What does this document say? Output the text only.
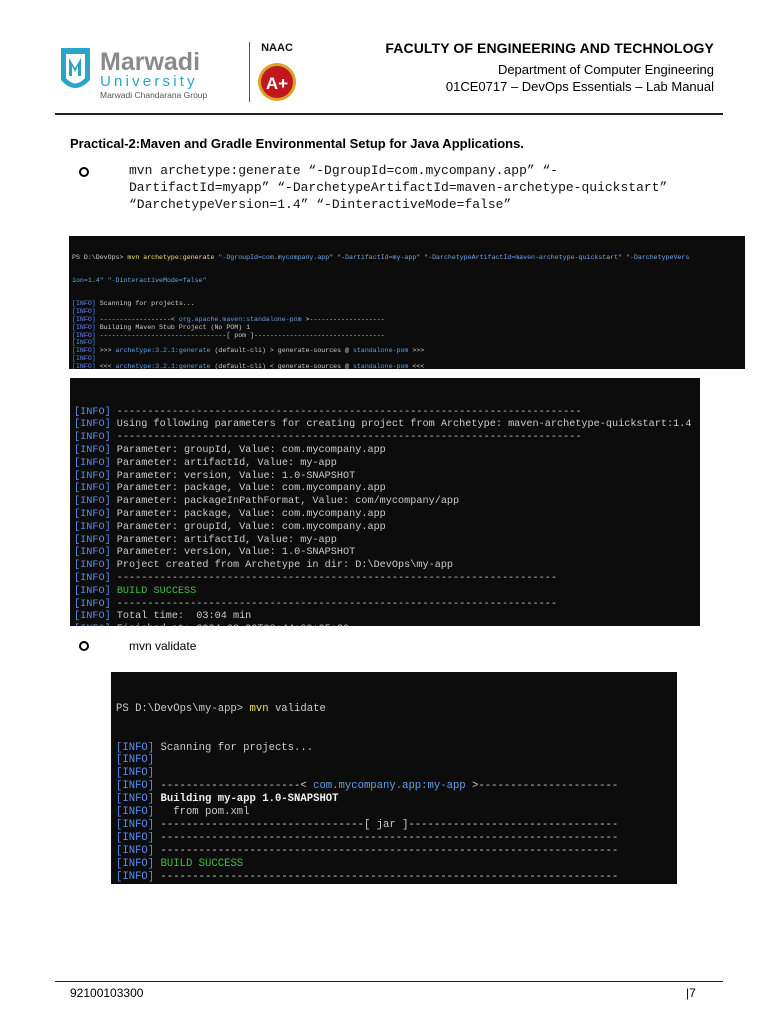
Marwadi
University
Marwadi Chandarana Group
NAAC
A+
FACULTY OF ENGINEERING AND TECHNOLOGY
Department of Computer Engineering
01CE0717 – DevOps Essentials – Lab Manual
Practical-2:Maven and Gradle Environmental Setup for Java Applications.
mvn archetype:generate “-DgroupId=com.mycompany.app” “-DartifactId=myapp” “-DarchetypeArtifactId=maven-archetype-quickstart” “DarchetypeVersion=1.4” “-DinteractiveMode=false”

PS D:\DevOps> mvn archetype:generate "-DgroupId=com.mycompany.app" "-DartifactId=my-app" "-DarchetypeArtifactId=maven-archetype-quickstart" "-DarchetypeVers

ion=1.4" "-DinteractiveMode=false"

[INFO] Scanning for projects...
[INFO]
[INFO] ------------------< org.apache.maven:standalone-pom >-------------------
[INFO] Building Maven Stub Project (No POM) 1
[INFO] --------------------------------[ pom ]---------------------------------
[INFO]
[INFO] >>> archetype:3.2.1:generate (default-cli) > generate-sources @ standalone-pom >>>
[INFO]
[INFO] <<< archetype:3.2.1:generate (default-cli) < generate-sources @ standalone-pom <<<

[INFO] ----------------------------------------------------------------------------
[INFO] Using following parameters for creating project from Archetype: maven-archetype-quickstart:1.4
[INFO] ----------------------------------------------------------------------------
[INFO] Parameter: groupId, Value: com.mycompany.app
[INFO] Parameter: artifactId, Value: my-app
[INFO] Parameter: version, Value: 1.0-SNAPSHOT
[INFO] Parameter: package, Value: com.mycompany.app
[INFO] Parameter: packageInPathFormat, Value: com/mycompany/app
[INFO] Parameter: package, Value: com.mycompany.app
[INFO] Parameter: groupId, Value: com.mycompany.app
[INFO] Parameter: artifactId, Value: my-app
[INFO] Parameter: version, Value: 1.0-SNAPSHOT
[INFO] Project created from Archetype in dir: D:\DevOps\my-app
[INFO] ------------------------------------------------------------------------
[INFO] BUILD SUCCESS
[INFO] ------------------------------------------------------------------------
[INFO] Total time:  03:04 min

mvn validate

PS D:\DevOps\my-app> mvn validate

[INFO] Scanning for projects...
[INFO]
[INFO]
[INFO] ----------------------< com.mycompany.app:my-app >----------------------
[INFO] Building my-app 1.0-SNAPSHOT
[INFO]   from pom.xml
[INFO] --------------------------------[ jar ]---------------------------------
[INFO] ------------------------------------------------------------------------
[INFO] ------------------------------------------------------------------------
[INFO] BUILD SUCCESS
[INFO] ------------------------------------------------------------------------

92100103300	|7
